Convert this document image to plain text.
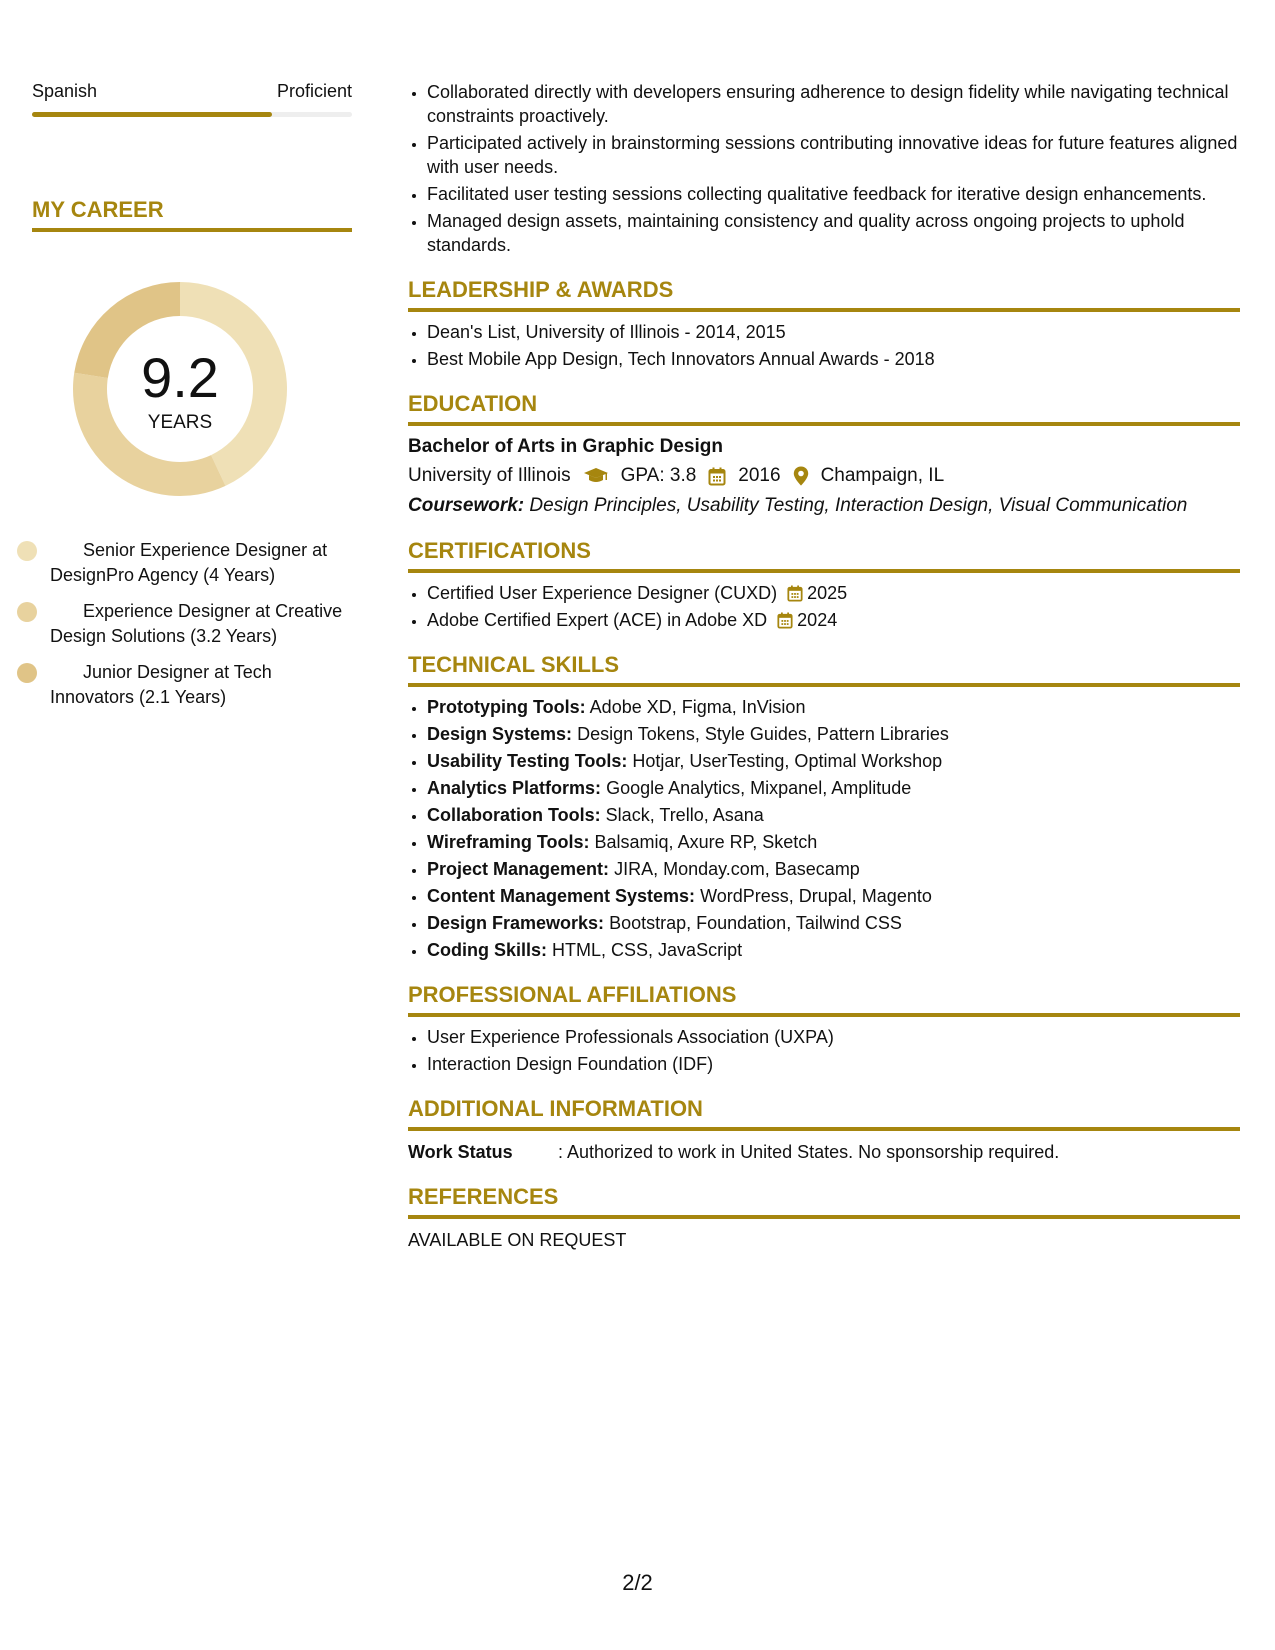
Spanish	Proficient
MY CAREER
9.2
YEARS
Senior Experience Designer at DesignPro Agency (4 Years)
Experience Designer at Creative Design Solutions (3.2 Years)
Junior Designer at Tech Innovators (2.1 Years)
• Collaborated directly with developers ensuring adherence to design fidelity while navigating technical constraints proactively.
• Participated actively in brainstorming sessions contributing innovative ideas for future features aligned with user needs.
• Facilitated user testing sessions collecting qualitative feedback for iterative design enhancements.
• Managed design assets, maintaining consistency and quality across ongoing projects to uphold standards.
LEADERSHIP & AWARDS
• Dean's List, University of Illinois - 2014, 2015
• Best Mobile App Design, Tech Innovators Annual Awards - 2018
EDUCATION
Bachelor of Arts in Graphic Design
University of Illinois	GPA: 3.8 2016 Champaign, IL
Coursework: Design Principles, Usability Testing, Interaction Design, Visual Communication
CERTIFICATIONS
• Certified User Experience Designer (CUXD) 2025
• Adobe Certified Expert (ACE) in Adobe XD 2024
TECHNICAL SKILLS
• Prototyping Tools: Adobe XD, Figma, InVision
• Design Systems: Design Tokens, Style Guides, Pattern Libraries
• Usability Testing Tools: Hotjar, UserTesting, Optimal Workshop
• Analytics Platforms: Google Analytics, Mixpanel, Amplitude
• Collaboration Tools: Slack, Trello, Asana
• Wireframing Tools: Balsamiq, Axure RP, Sketch
• Project Management: JIRA, Monday.com, Basecamp
• Content Management Systems: WordPress, Drupal, Magento
• Design Frameworks: Bootstrap, Foundation, Tailwind CSS
• Coding Skills: HTML, CSS, JavaScript
PROFESSIONAL AFFILIATIONS
• User Experience Professionals Association (UXPA)
• Interaction Design Foundation (IDF)
ADDITIONAL INFORMATION
Work Status	: Authorized to work in United States. No sponsorship required.
REFERENCES
AVAILABLE ON REQUEST
2/2
